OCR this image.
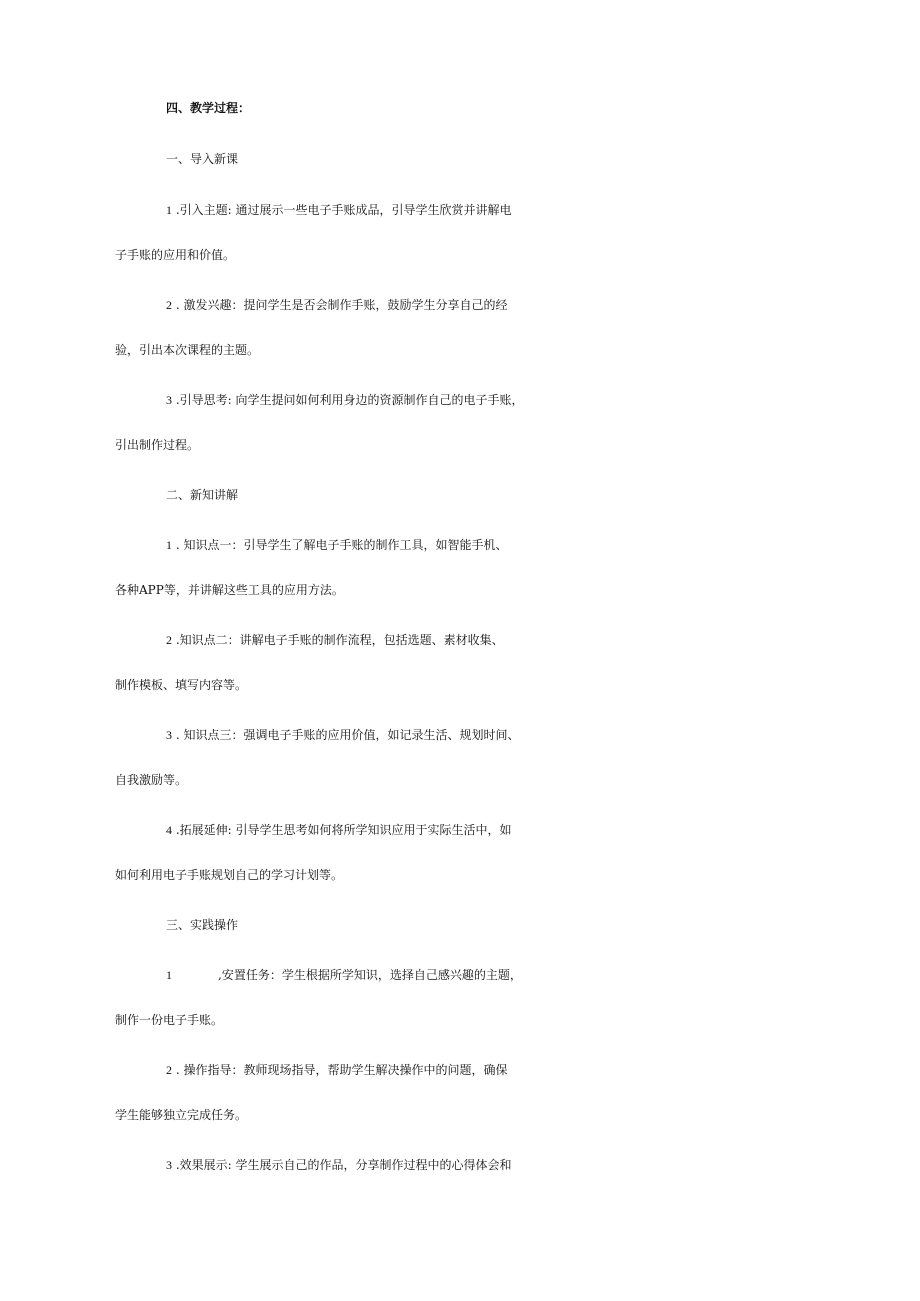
四、教学过程：
一、导入新课
1 .引入主题: 通过展示一些电子手账成品，引导学生欣赏并讲解电
子手账的应用和价值。
2 . 激发兴趣：提问学生是否会制作手账，鼓励学生分享自己的经
验，引出本次课程的主题。
3 .引导思考: 向学生提问如何利用身边的资源制作自己的电子手账，
引出制作过程。
二、新知讲解
1 . 知识点一：引导学生了解电子手账的制作工具，如智能手机、
各种APP等，并讲解这些工具的应用方法。
2 .知识点二：讲解电子手账的制作流程，包括选题、素材收集、
制作模板、填写内容等。
3 . 知识点三：强调电子手账的应用价值，如记录生活、规划时间、
自我激励等。
4 .拓展延伸: 引导学生思考如何将所学知识应用于实际生活中，如
如何利用电子手账规划自己的学习计划等。
三、实践操作
1	,安置任务：学生根据所学知识，选择自己感兴趣的主题，
制作一份电子手账。
2 . 操作指导：教师现场指导，帮助学生解决操作中的问题，确保
学生能够独立完成任务。
3 .效果展示: 学生展示自己的作品，分享制作过程中的心得体会和
